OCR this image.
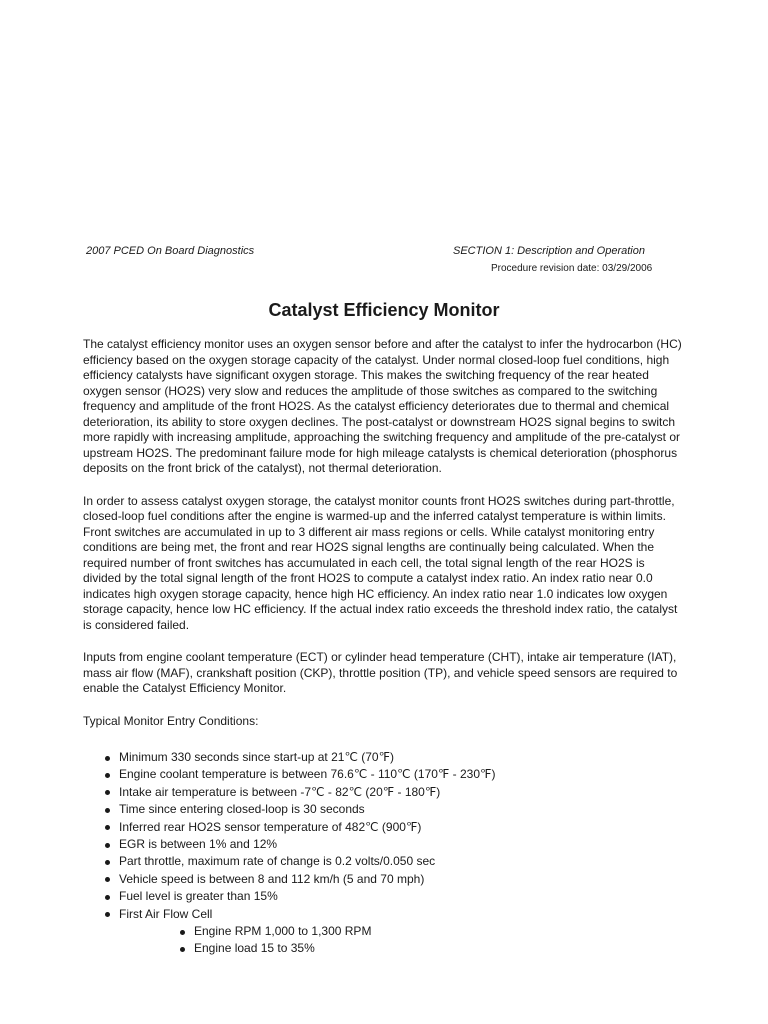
2007 PCED On Board Diagnostics	SECTION 1: Description and Operation
Procedure revision date: 03/29/2006
Catalyst Efficiency Monitor

The catalyst efficiency monitor uses an oxygen sensor before and after the catalyst to infer the hydrocarbon (HC) efficiency based on the oxygen storage capacity of the catalyst. Under normal closed-loop fuel conditions, high efficiency catalysts have significant oxygen storage. This makes the switching frequency of the rear heated oxygen sensor (HO2S) very slow and reduces the amplitude of those switches as compared to the switching frequency and amplitude of the front HO2S. As the catalyst efficiency deteriorates due to thermal and chemical deterioration, its ability to store oxygen declines. The post-catalyst or downstream HO2S signal begins to switch more rapidly with increasing amplitude, approaching the switching frequency and amplitude of the pre-catalyst or upstream HO2S. The predominant failure mode for high mileage catalysts is chemical deterioration (phosphorus deposits on the front brick of the catalyst), not thermal deterioration.

In order to assess catalyst oxygen storage, the catalyst monitor counts front HO2S switches during part-throttle, closed-loop fuel conditions after the engine is warmed-up and the inferred catalyst temperature is within limits. Front switches are accumulated in up to 3 different air mass regions or cells. While catalyst monitoring entry conditions are being met, the front and rear HO2S signal lengths are continually being calculated. When the required number of front switches has accumulated in each cell, the total signal length of the rear HO2S is divided by the total signal length of the front HO2S to compute a catalyst index ratio. An index ratio near 0.0 indicates high oxygen storage capacity, hence high HC efficiency. An index ratio near 1.0 indicates low oxygen storage capacity, hence low HC efficiency. If the actual index ratio exceeds the threshold index ratio, the catalyst is considered failed.

Inputs from engine coolant temperature (ECT) or cylinder head temperature (CHT), intake air temperature (IAT), mass air flow (MAF), crankshaft position (CKP), throttle position (TP), and vehicle speed sensors are required to enable the Catalyst Efficiency Monitor.

Typical Monitor Entry Conditions:

Minimum 330 seconds since start-up at 21℃ (70℉)
Engine coolant temperature is between 76.6℃ - 110℃ (170℉ - 230℉)
Intake air temperature is between -7℃ - 82℃ (20℉ - 180℉)
Time since entering closed-loop is 30 seconds
Inferred rear HO2S sensor temperature of 482℃ (900℉)
EGR is between 1% and 12%
Part throttle, maximum rate of change is 0.2 volts/0.050 sec
Vehicle speed is between 8 and 112 km/h (5 and 70 mph)
Fuel level is greater than 15%
First Air Flow Cell
Engine RPM 1,000 to 1,300 RPM
Engine load 15 to 35%
